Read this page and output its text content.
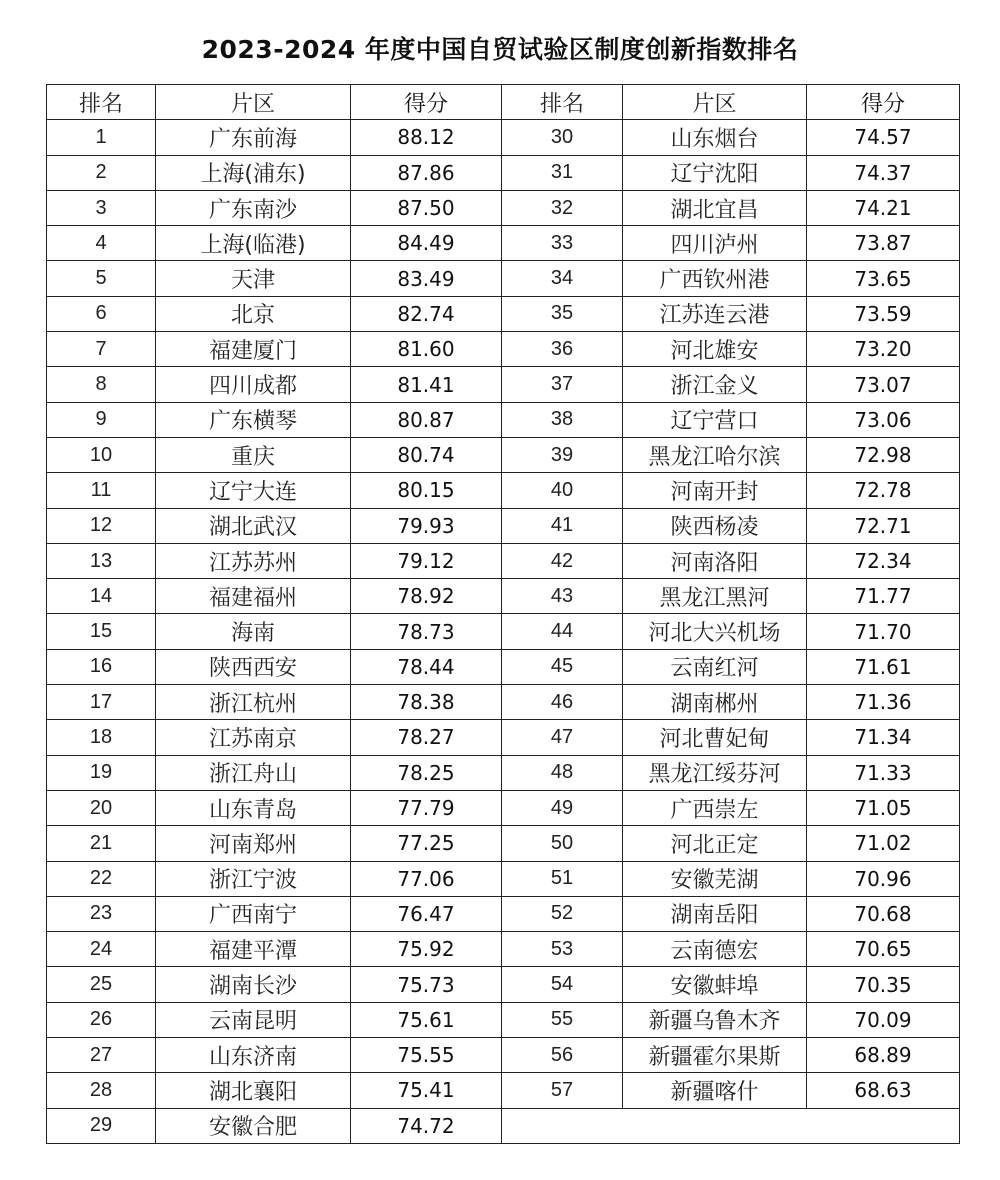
2023-2024 年度中国自贸试验区制度创新指数排名
排名	片区	得分	排名	片区	得分
1	广东前海	88.12	30	山东烟台	74.57
2	上海(浦东)	87.86	31	辽宁沈阳	74.37
3	广东南沙	87.50	32	湖北宜昌	74.21
4	上海(临港)	84.49	33	四川泸州	73.87
5	天津	83.49	34	广西钦州港	73.65
6	北京	82.74	35	江苏连云港	73.59
7	福建厦门	81.60	36	河北雄安	73.20
8	四川成都	81.41	37	浙江金义	73.07
9	广东横琴	80.87	38	辽宁营口	73.06
10	重庆	80.74	39	黑龙江哈尔滨	72.98
11	辽宁大连	80.15	40	河南开封	72.78
12	湖北武汉	79.93	41	陕西杨凌	72.71
13	江苏苏州	79.12	42	河南洛阳	72.34
14	福建福州	78.92	43	黑龙江黑河	71.77
15	海南	78.73	44	河北大兴机场	71.70
16	陕西西安	78.44	45	云南红河	71.61
17	浙江杭州	78.38	46	湖南郴州	71.36
18	江苏南京	78.27	47	河北曹妃甸	71.34
19	浙江舟山	78.25	48	黑龙江绥芬河	71.33
20	山东青岛	77.79	49	广西崇左	71.05
21	河南郑州	77.25	50	河北正定	71.02
22	浙江宁波	77.06	51	安徽芜湖	70.96
23	广西南宁	76.47	52	湖南岳阳	70.68
24	福建平潭	75.92	53	云南德宏	70.65
25	湖南长沙	75.73	54	安徽蚌埠	70.35
26	云南昆明	75.61	55	新疆乌鲁木齐	70.09
27	山东济南	75.55	56	新疆霍尔果斯	68.89
28	湖北襄阳	75.41	57	新疆喀什	68.63
29	安徽合肥	74.72			
